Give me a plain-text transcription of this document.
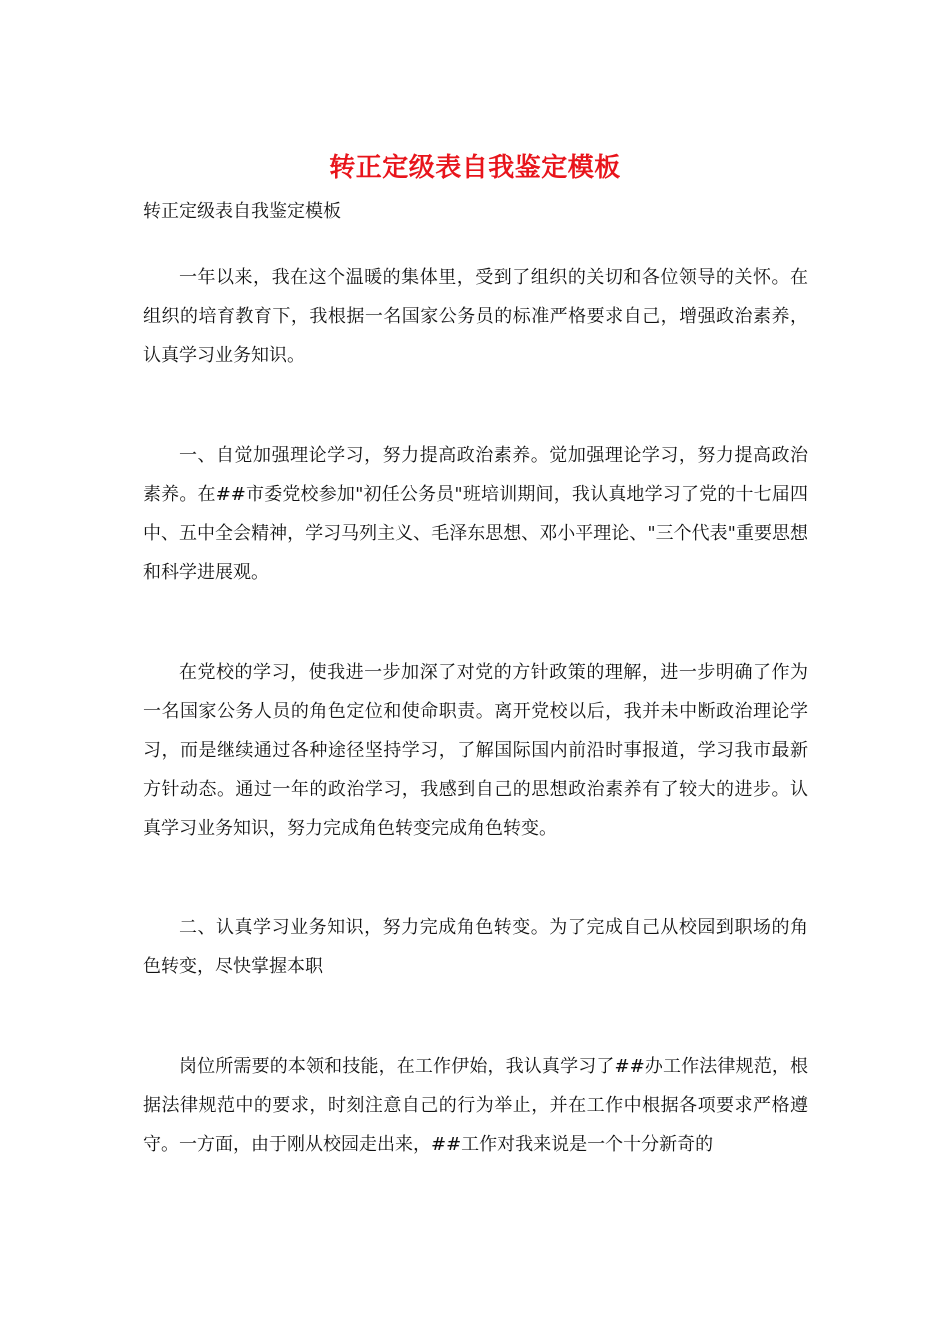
转正定级表自我鉴定模板
转正定级表自我鉴定模板

一年以来，我在这个温暖的集体里，受到了组织的关切和各位领导的关怀。在组织的培育教育下，我根据一名国家公务员的标准严格要求自己，增强政治素养，认真学习业务知识。

一、自觉加强理论学习，努力提高政治素养。觉加强理论学习，努力提高政治素养。在##市委党校参加"初任公务员"班培训期间，我认真地学习了党的十七届四中、五中全会精神，学习马列主义、毛泽东思想、邓小平理论、"三个代表"重要思想和科学进展观。

在党校的学习，使我进一步加深了对党的方针政策的理解，进一步明确了作为一名国家公务人员的角色定位和使命职责。离开党校以后，我并未中断政治理论学习，而是继续通过各种途径坚持学习，了解国际国内前沿时事报道，学习我市最新方针动态。通过一年的政治学习，我感到自己的思想政治素养有了较大的进步。认真学习业务知识，努力完成角色转变完成角色转变。

二、认真学习业务知识，努力完成角色转变。为了完成自己从校园到职场的角色转变，尽快掌握本职

岗位所需要的本领和技能，在工作伊始，我认真学习了##办工作法律规范，根据法律规范中的要求，时刻注意自己的行为举止，并在工作中根据各项要求严格遵守。一方面，由于刚从校园走出来，##工作对我来说是一个十分新奇的
